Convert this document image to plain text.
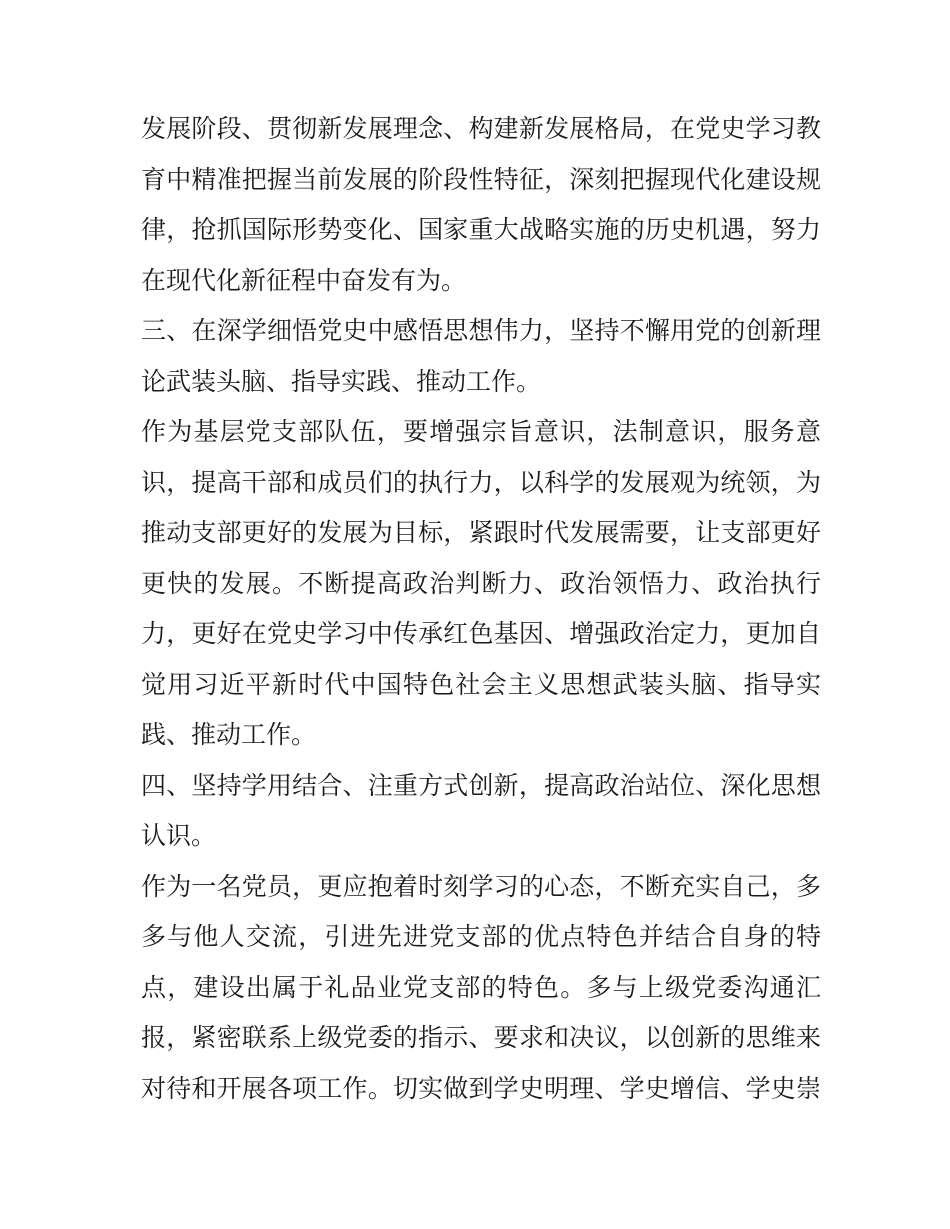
发展阶段、贯彻新发展理念、构建新发展格局，在党史学习教
育中精准把握当前发展的阶段性特征，深刻把握现代化建设规
律，抢抓国际形势变化、国家重大战略实施的历史机遇，努力
在现代化新征程中奋发有为。
三、在深学细悟党史中感悟思想伟力，坚持不懈用党的创新理
论武装头脑、指导实践、推动工作。
作为基层党支部队伍，要增强宗旨意识，法制意识，服务意
识，提高干部和成员们的执行力，以科学的发展观为统领，为
推动支部更好的发展为目标，紧跟时代发展需要，让支部更好
更快的发展。不断提高政治判断力、政治领悟力、政治执行
力，更好在党史学习中传承红色基因、增强政治定力，更加自
觉用习近平新时代中国特色社会主义思想武装头脑、指导实
践、推动工作。
四、坚持学用结合、注重方式创新，提高政治站位、深化思想
认识。
作为一名党员，更应抱着时刻学习的心态，不断充实自己，多
多与他人交流，引进先进党支部的优点特色并结合自身的特
点，建设出属于礼品业党支部的特色。多与上级党委沟通汇
报，紧密联系上级党委的指示、要求和决议，以创新的思维来
对待和开展各项工作。切实做到学史明理、学史增信、学史崇
